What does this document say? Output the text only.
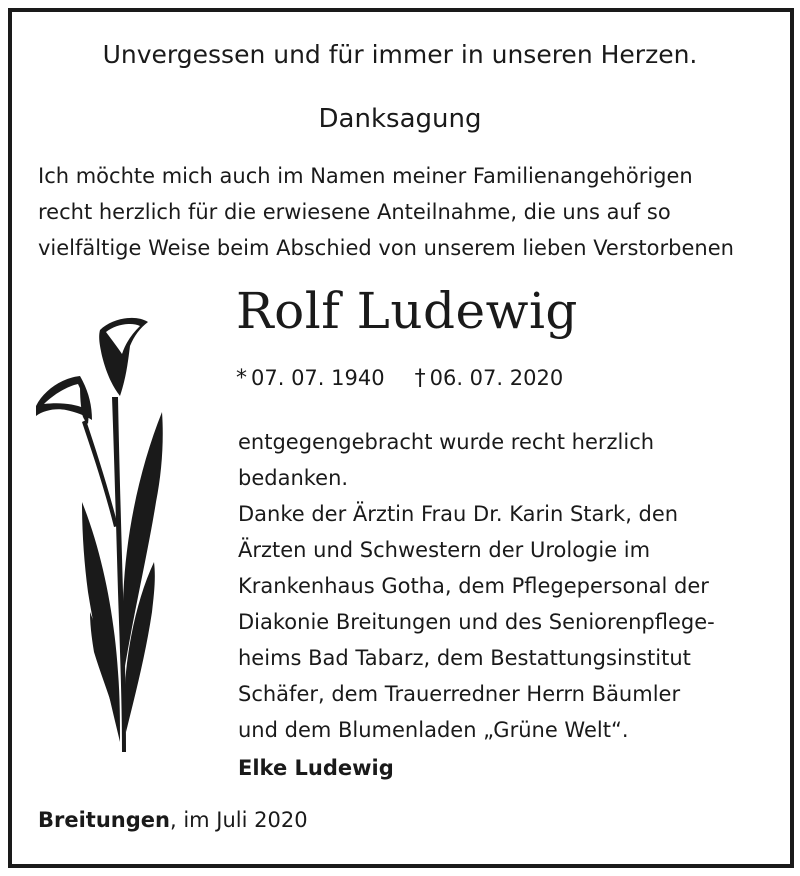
Unvergessen und für immer in unseren Herzen.
Danksagung
Ich möchte mich auch im Namen meiner Familienangehörigen
recht herzlich für die erwiesene Anteilnahme, die uns auf so
vielfältige Weise beim Abschied von unserem lieben Verstorbenen
Rolf Ludewig
* 07. 07. 1940 † 06. 07. 2020
entgegengebracht wurde recht herzlich
bedanken.
Danke der Ärztin Frau Dr. Karin Stark, den
Ärzten und Schwestern der Urologie im
Krankenhaus Gotha, dem Pflegepersonal der
Diakonie Breitungen und des Seniorenpflege-
heims Bad Tabarz, dem Bestattungsinstitut
Schäfer, dem Trauerredner Herrn Bäumler
und dem Blumenladen „Grüne Welt“.
Elke Ludewig
Breitungen, im Juli 2020
